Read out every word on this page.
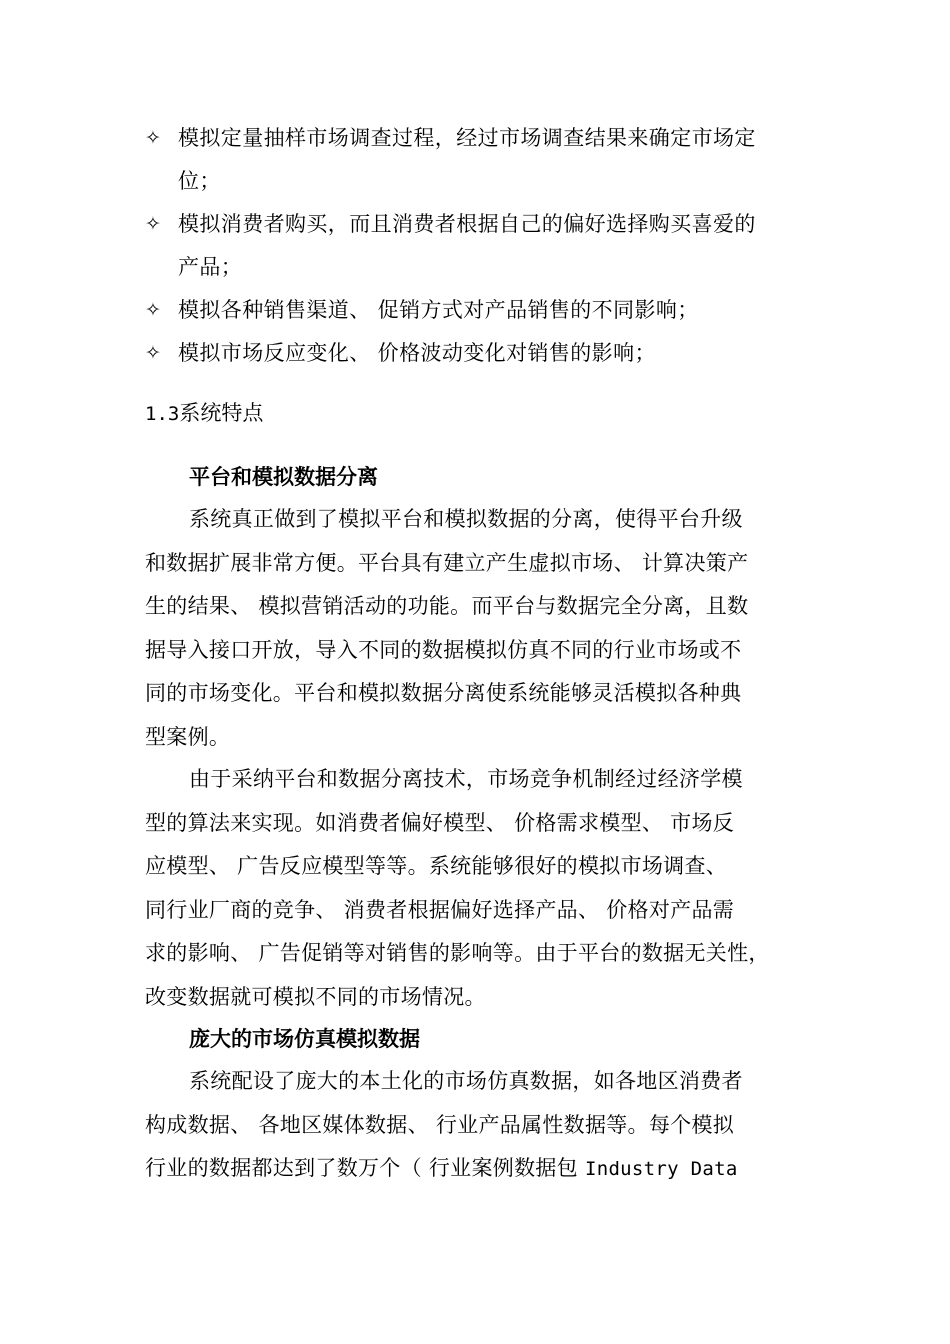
✧ 模拟定量抽样市场调查过程，经过市场调查结果来确定市场定
位；
✧ 模拟消费者购买，而且消费者根据自己的偏好选择购买喜爱的
产品；
✧ 模拟各种销售渠道、 促销方式对产品销售的不同影响；
✧ 模拟市场反应变化、 价格波动变化对销售的影响；
1.3系统特点
平台和模拟数据分离
系统真正做到了模拟平台和模拟数据的分离，使得平台升级
和数据扩展非常方便。平台具有建立产生虚拟市场、 计算决策产
生的结果、 模拟营销活动的功能。而平台与数据完全分离，且数
据导入接口开放，导入不同的数据模拟仿真不同的行业市场或不
同的市场变化。平台和模拟数据分离使系统能够灵活模拟各种典
型案例。
由于采纳平台和数据分离技术，市场竞争机制经过经济学模
型的算法来实现。如消费者偏好模型、 价格需求模型、 市场反
应模型、 广告反应模型等等。系统能够很好的模拟市场调查、
同行业厂商的竞争、 消费者根据偏好选择产品、 价格对产品需
求的影响、 广告促销等对销售的影响等。由于平台的数据无关性，
改变数据就可模拟不同的市场情况。
庞大的市场仿真模拟数据
系统配设了庞大的本土化的市场仿真数据，如各地区消费者
构成数据、 各地区媒体数据、 行业产品属性数据等。每个模拟
行业的数据都达到了数万个（ 行业案例数据包 Industry Data
